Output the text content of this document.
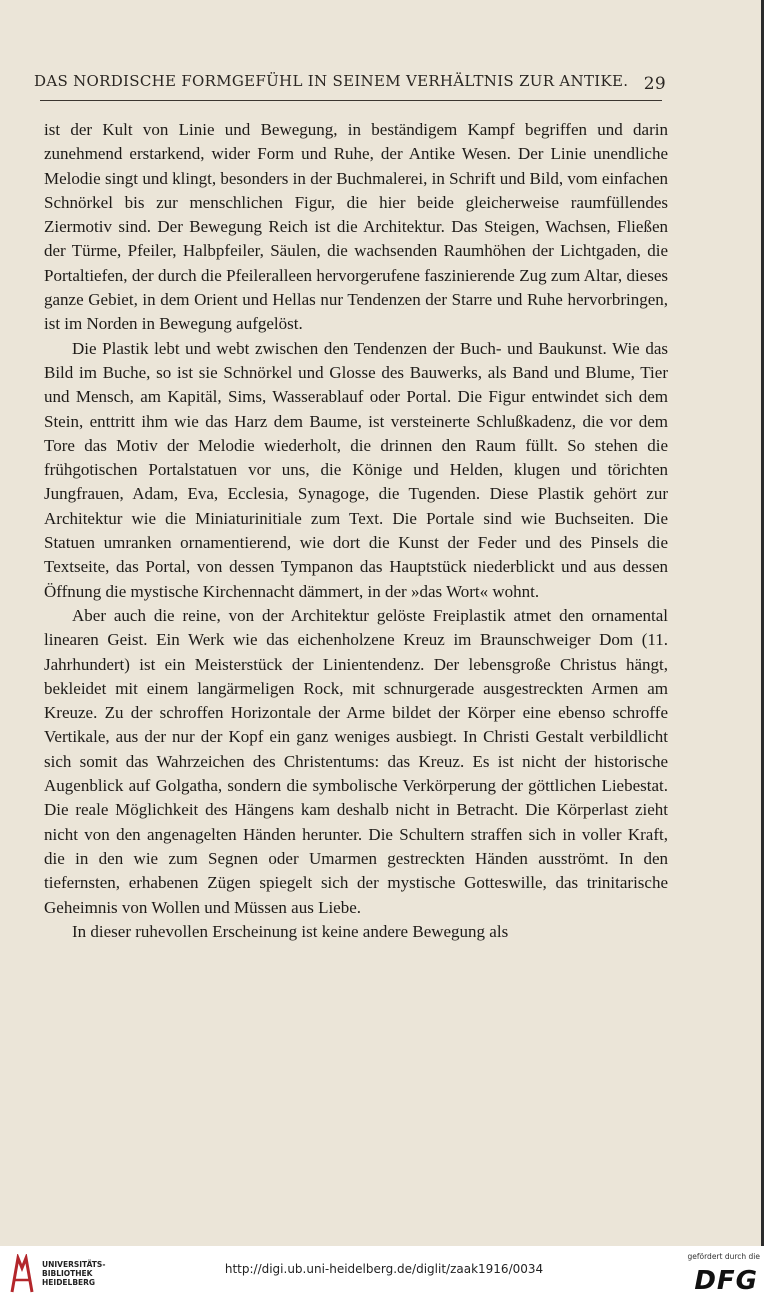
DAS NORDISCHE FORMGEFÜHL IN SEINEM VERHÄLTNIS ZUR ANTIKE. 29

ist der Kult von Linie und Bewegung, in beständigem Kampf begriffen und darin zunehmend erstarkend, wider Form und Ruhe, der Antike Wesen. Der Linie unendliche Melodie singt und klingt, besonders in der Buchmalerei, in Schrift und Bild, vom einfachen Schnörkel bis zur menschlichen Figur, die hier beide gleicherweise raumfüllendes Ziermotiv sind. Der Bewegung Reich ist die Architektur. Das Steigen, Wachsen, Fließen der Türme, Pfeiler, Halbpfeiler, Säulen, die wachsenden Raumhöhen der Lichtgaden, die Portaltiefen, der durch die Pfeileralleen hervorgerufene faszinierende Zug zum Altar, dieses ganze Gebiet, in dem Orient und Hellas nur Tendenzen der Starre und Ruhe hervorbringen, ist im Norden in Bewegung aufgelöst.

Die Plastik lebt und webt zwischen den Tendenzen der Buch- und Baukunst. Wie das Bild im Buche, so ist sie Schnörkel und Glosse des Bauwerks, als Band und Blume, Tier und Mensch, am Kapitäl, Sims, Wasserablauf oder Portal. Die Figur entwindet sich dem Stein, enttritt ihm wie das Harz dem Baume, ist versteinerte Schlußkadenz, die vor dem Tore das Motiv der Melodie wiederholt, die drinnen den Raum füllt. So stehen die frühgotischen Portalstatuen vor uns, die Könige und Helden, klugen und törichten Jungfrauen, Adam, Eva, Ecclesia, Synagoge, die Tugenden. Diese Plastik gehört zur Architektur wie die Miniaturinitiale zum Text. Die Portale sind wie Buchseiten. Die Statuen umranken ornamentierend, wie dort die Kunst der Feder und des Pinsels die Textseite, das Portal, von dessen Tympanon das Hauptstück niederblickt und aus dessen Öffnung die mystische Kirchennacht dämmert, in der »das Wort« wohnt.

Aber auch die reine, von der Architektur gelöste Freiplastik atmet den ornamental linearen Geist. Ein Werk wie das eichenholzene Kreuz im Braunschweiger Dom (11. Jahrhundert) ist ein Meisterstück der Linientendenz. Der lebensgroße Christus hängt, bekleidet mit einem langärmeligen Rock, mit schnurgerade ausgestreckten Armen am Kreuze. Zu der schroffen Horizontale der Arme bildet der Körper eine ebenso schroffe Vertikale, aus der nur der Kopf ein ganz weniges ausbiegt. In Christi Gestalt verbildlicht sich somit das Wahrzeichen des Christentums: das Kreuz. Es ist nicht der historische Augenblick auf Golgatha, sondern die symbolische Verkörperung der göttlichen Liebestat. Die reale Möglichkeit des Hängens kam deshalb nicht in Betracht. Die Körperlast zieht nicht von den angenagelten Händen herunter. Die Schultern straffen sich in voller Kraft, die in den wie zum Segnen oder Umarmen gestreckten Händen ausströmt. In den tiefernsten, erhabenen Zügen spiegelt sich der mystische Gotteswille, das trinitarische Geheimnis von Wollen und Müssen aus Liebe.

In dieser ruhevollen Erscheinung ist keine andere Bewegung als

UNIVERSITÄTS-
BIBLIOTHEK
HEIDELBERG
http://digi.ub.uni-heidelberg.de/diglit/zaak1916/0034
gefördert durch die
DFG
